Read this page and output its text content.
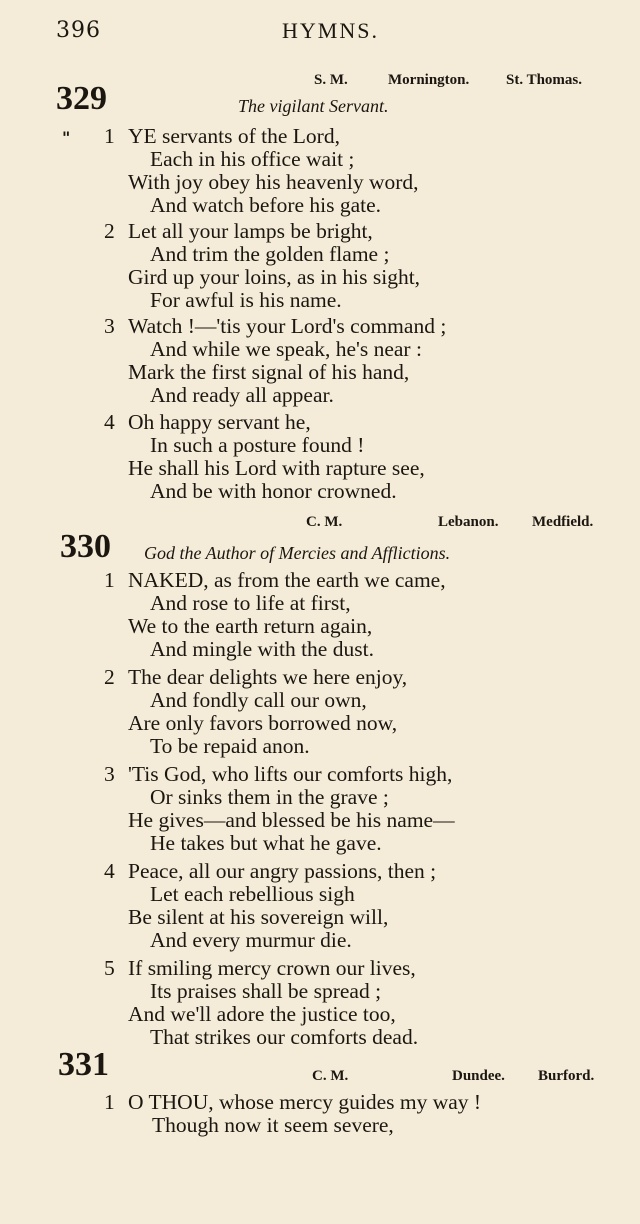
396	HYMNS.
S. M.	Mornington. St. Thomas.
329	The vigilant Servant.
" 1 YE servants of the Lord,
Each in his office wait ;
With joy obey his heavenly word,
And watch before his gate.
2 Let all your lamps be bright,
And trim the golden flame ;
Gird up your loins, as in his sight,
For awful is his name.
3 Watch !—'tis your Lord's command ;
And while we speak, he's near :
Mark the first signal of his hand,
And ready all appear.
4 Oh happy servant he,
In such a posture found !
He shall his Lord with rapture see,
And be with honor crowned.
C. M.	Lebanon. Medfield.
330 God the Author of Mercies and Afflictions.
1 NAKED, as from the earth we came,
And rose to life at first,
We to the earth return again,
And mingle with the dust.
2 The dear delights we here enjoy,
And fondly call our own,
Are only favors borrowed now,
To be repaid anon.
3 'Tis God, who lifts our comforts high,
Or sinks them in the grave ;
He gives—and blessed be his name—
He takes but what he gave.
4 Peace, all our angry passions, then ;
Let each rebellious sigh
Be silent at his sovereign will,
And every murmur die.
5 If smiling mercy crown our lives,
Its praises shall be spread ;
And we'll adore the justice too,
That strikes our comforts dead.
331	C. M.	Dundee. Burford.
1 O THOU, whose mercy guides my way !
Though now it seem severe,
